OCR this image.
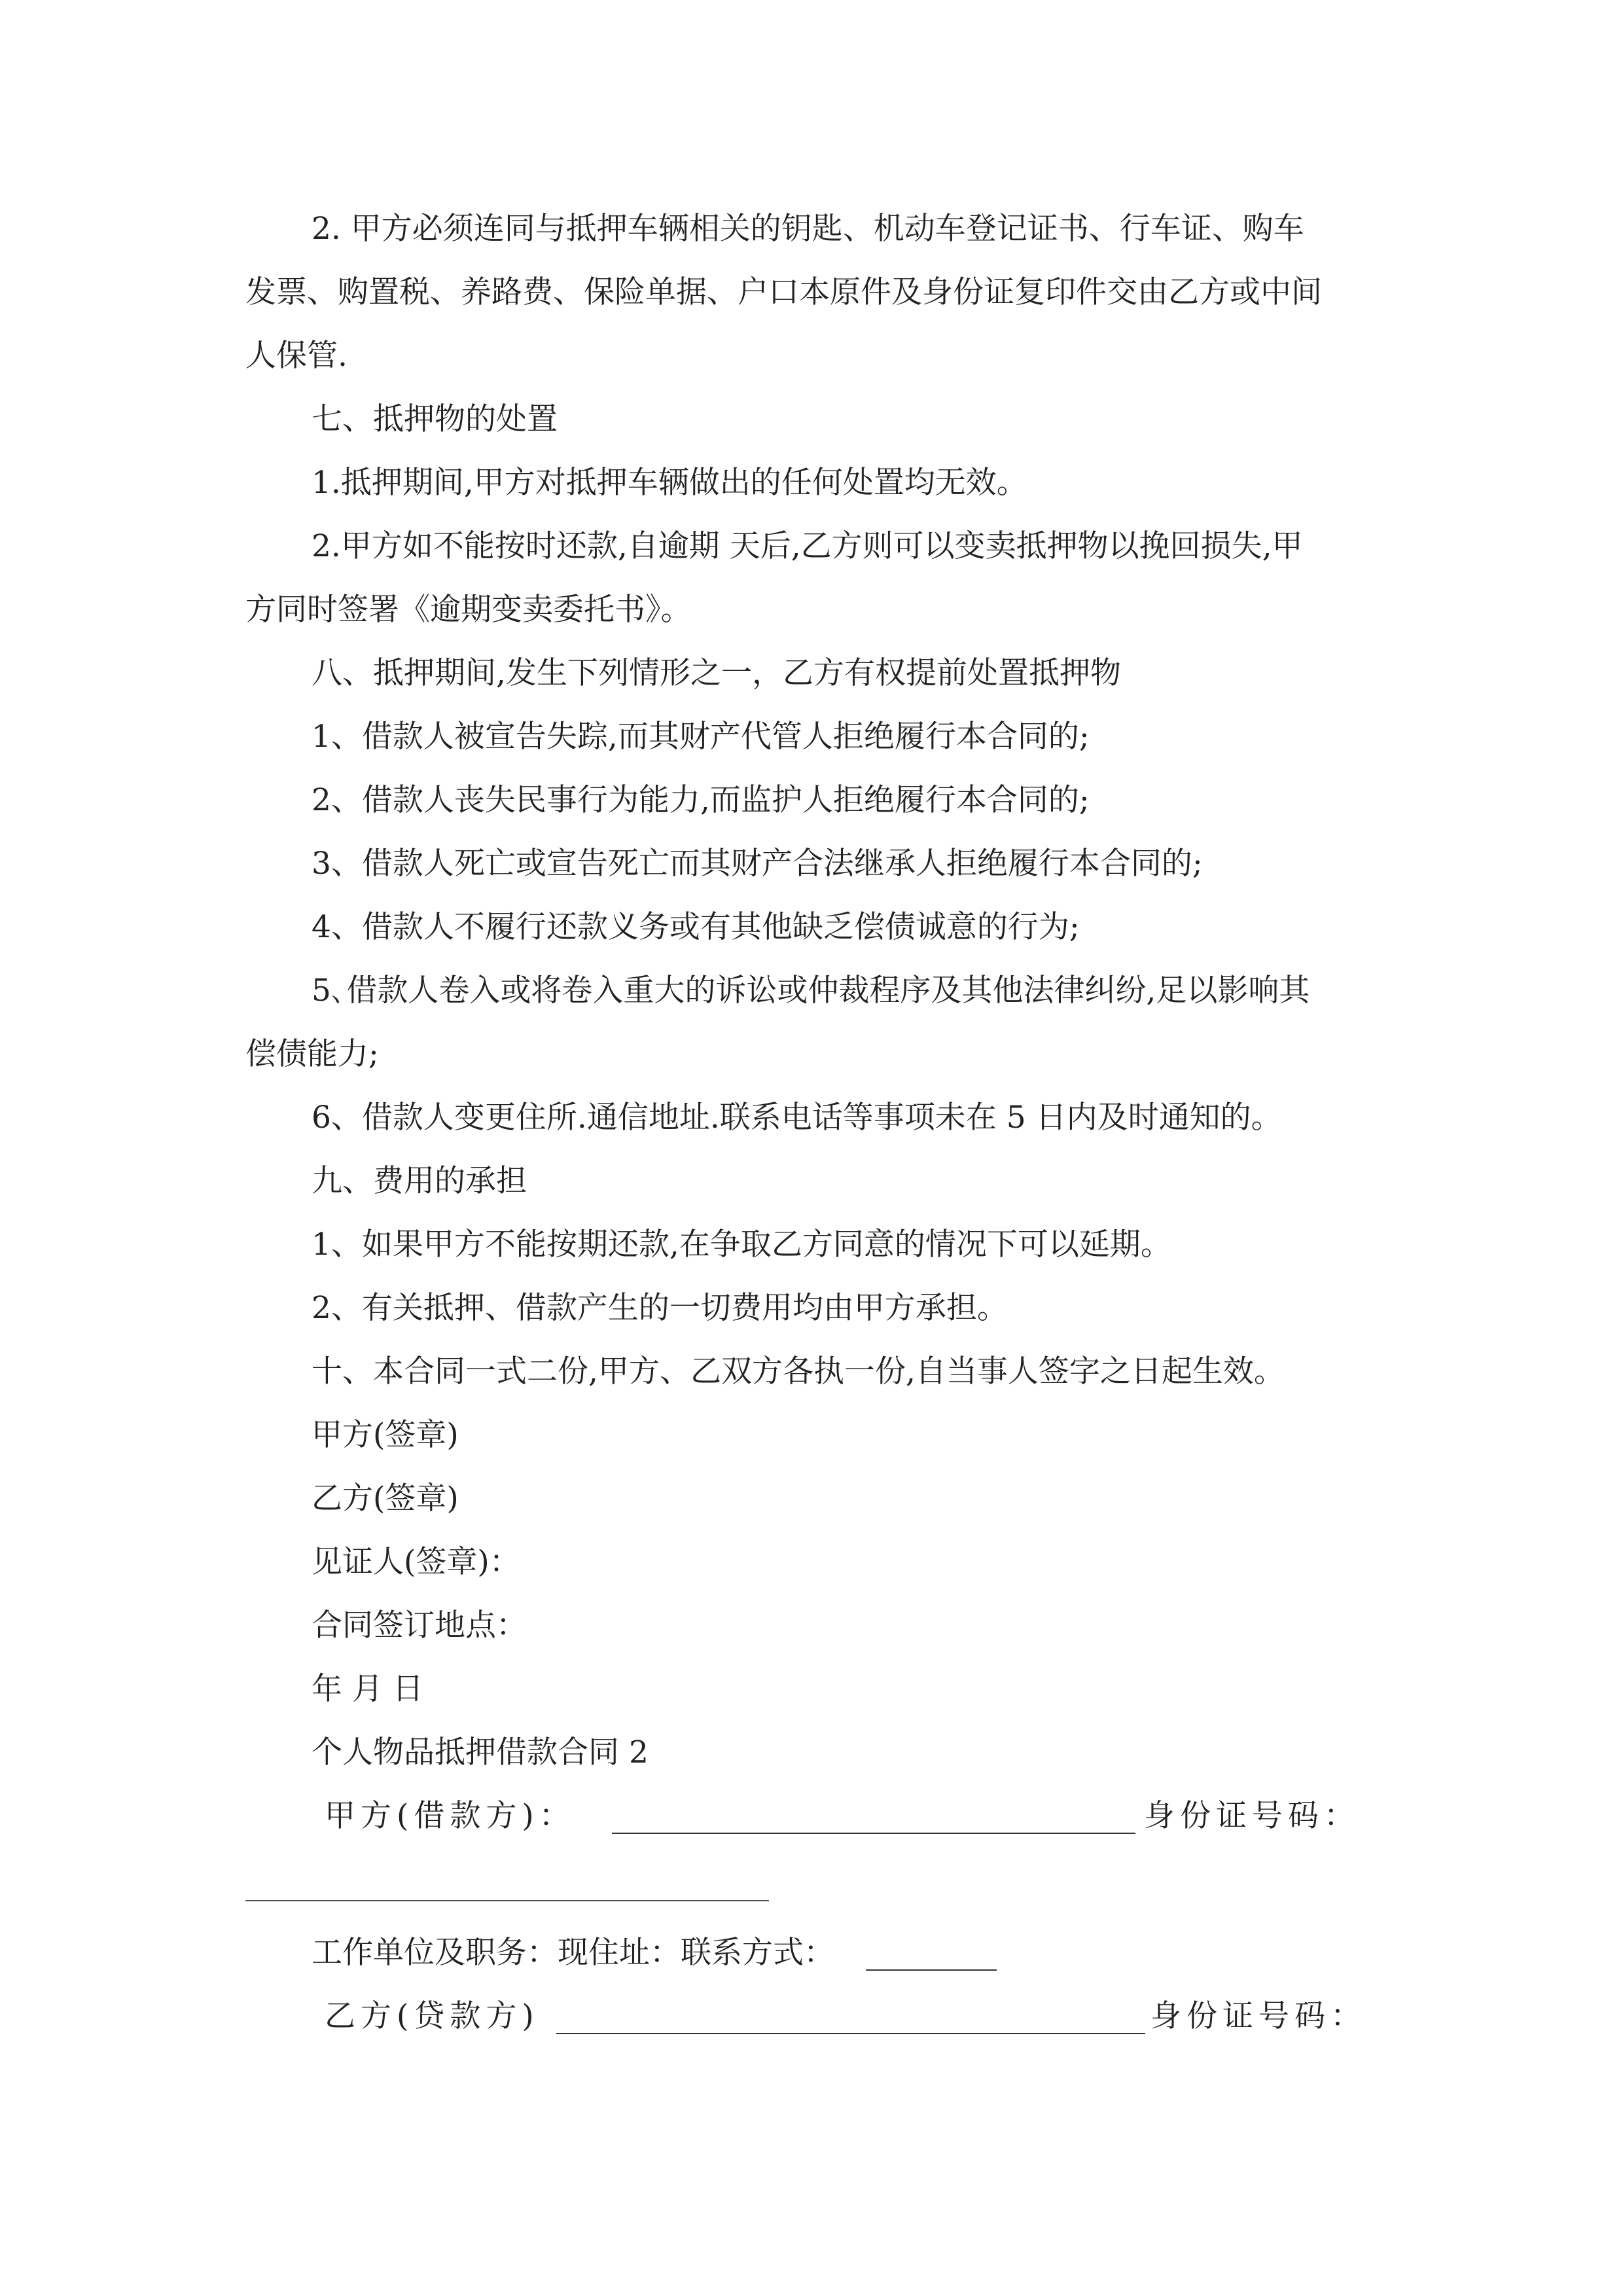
2. 甲方必须连同与抵押车辆相关的钥匙、机动车登记证书、行车证、购车
发票、购置税、养路费、保险单据、户口本原件及身份证复印件交由乙方或中间
人保管.
七、抵押物的处置
1.抵押期间,甲方对抵押车辆做出的任何处置均无效。
2.甲方如不能按时还款,自逾期 天后,乙方则可以变卖抵押物以挽回损失,甲
方同时签署《逾期变卖委托书》。
八、抵押期间,发生下列情形之一，乙方有权提前处置抵押物
1、借款人被宣告失踪,而其财产代管人拒绝履行本合同的;
2、借款人丧失民事行为能力,而监护人拒绝履行本合同的;
3、借款人死亡或宣告死亡而其财产合法继承人拒绝履行本合同的;
4、借款人不履行还款义务或有其他缺乏偿债诚意的行为;
5､借款人卷入或将卷入重大的诉讼或仲裁程序及其他法律纠纷,足以影响其
偿债能力;
6、借款人变更住所.通信地址.联系电话等事项未在 5 日内及时通知的。
九、费用的承担
1、如果甲方不能按期还款,在争取乙方同意的情况下可以延期。
2、有关抵押、借款产生的一切费用均由甲方承担。
十、本合同一式二份,甲方、乙双方各执一份,自当事人签字之日起生效。
甲方(签章)
乙方(签章)
见证人(签章)：
合同签订地点：
年 月 日
个人物品抵押借款合同 2
甲方(借款方)：	身份证号码：
工作单位及职务：现住址：联系方式：
乙方(贷款方)	身份证号码：
